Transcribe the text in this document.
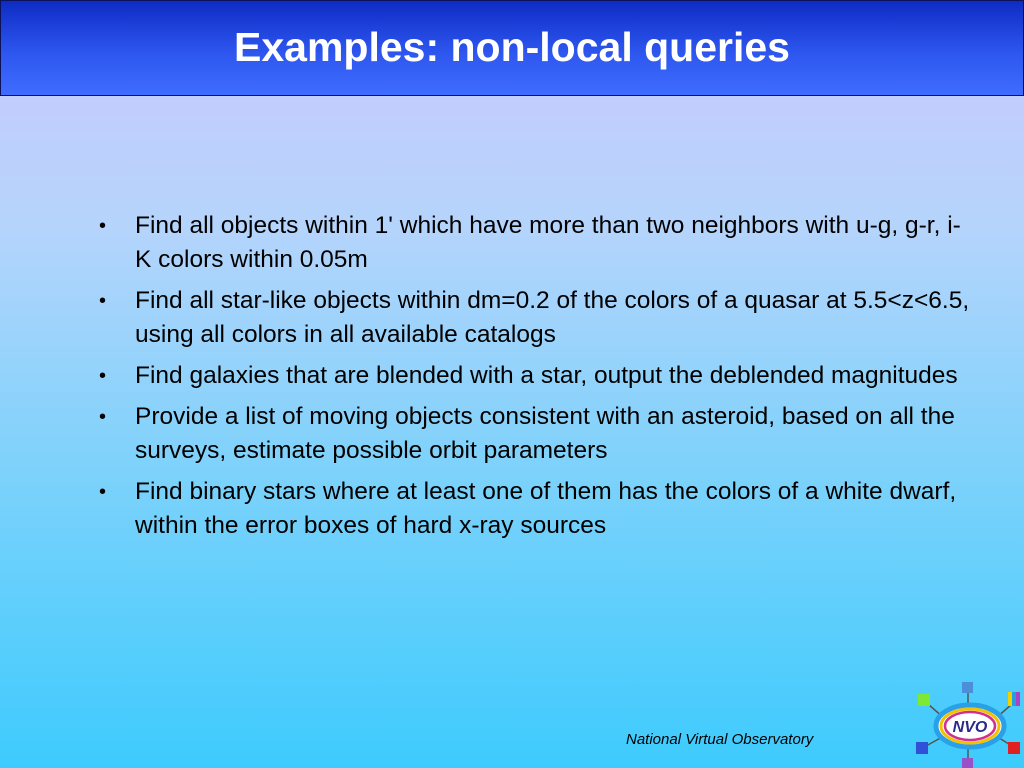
Examples: non-local queries
•	Find all objects within 1' which have more than two neighbors with u-g, g-r, i-K colors within 0.05m
•	Find all star-like objects within dm=0.2 of the colors of a quasar at 5.5<z<6.5, using all colors in all available catalogs
•	Find galaxies that are blended with a star, output the deblended magnitudes
•	Provide a list of moving objects consistent with an asteroid, based on all the surveys, estimate possible orbit parameters
•	Find binary stars where at least one of them has the colors of a white dwarf, within the error boxes of hard x-ray sources
National Virtual Observatory
NVO
